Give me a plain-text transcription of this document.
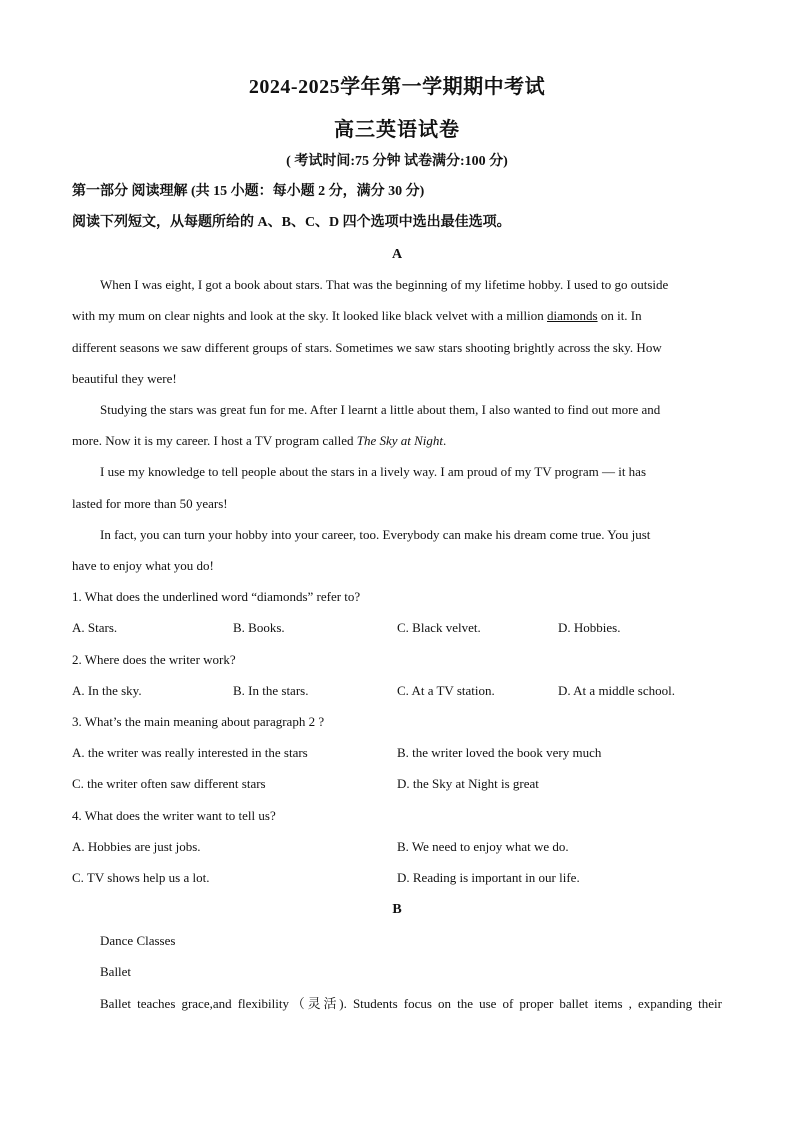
2024-2025学年第一学期期中考试
高三英语试卷
( 考试时间:75 分钟 试卷满分:100 分)
第一部分 阅读理解 (共 15 小题：每小题 2 分，满分 30 分)
阅读下列短文，从每题所给的 A、B、C、D 四个选项中选出最佳选项。
A
When I was eight, I got a book about stars. That was the beginning of my lifetime hobby. I used to go outside
with my mum on clear nights and look at the sky. It looked like black velvet with a million diamonds on it. In
different seasons we saw different groups of stars. Sometimes we saw stars shooting brightly across the sky. How
beautiful they were!
Studying the stars was great fun for me. After I learnt a little about them, I also wanted to find out more and
more. Now it is my career. I host a TV program called The Sky at Night.
I use my knowledge to tell people about the stars in a lively way. I am proud of my TV program — it has
lasted for more than 50 years!
In fact, you can turn your hobby into your career, too. Everybody can make his dream come true. You just
have to enjoy what you do!
1. What does the underlined word “diamonds” refer to?
A. Stars.	B. Books.	C. Black velvet.	D. Hobbies.
2. Where does the writer work?
A. In the sky.	B. In the stars.	C. At a TV station.	D. At a middle school.
3. What’s the main meaning about paragraph 2 ?
A. the writer was really interested in the stars	B. the writer loved the book very much
C. the writer often saw different stars	D. the Sky at Night is great
4. What does the writer want to tell us?
A. Hobbies are just jobs.	B. We need to enjoy what we do.
C. TV shows help us a lot.	D. Reading is important in our life.
B
Dance Classes
Ballet
Ballet teaches grace,and flexibility（灵活). Students focus on the use of proper ballet items , expanding their
